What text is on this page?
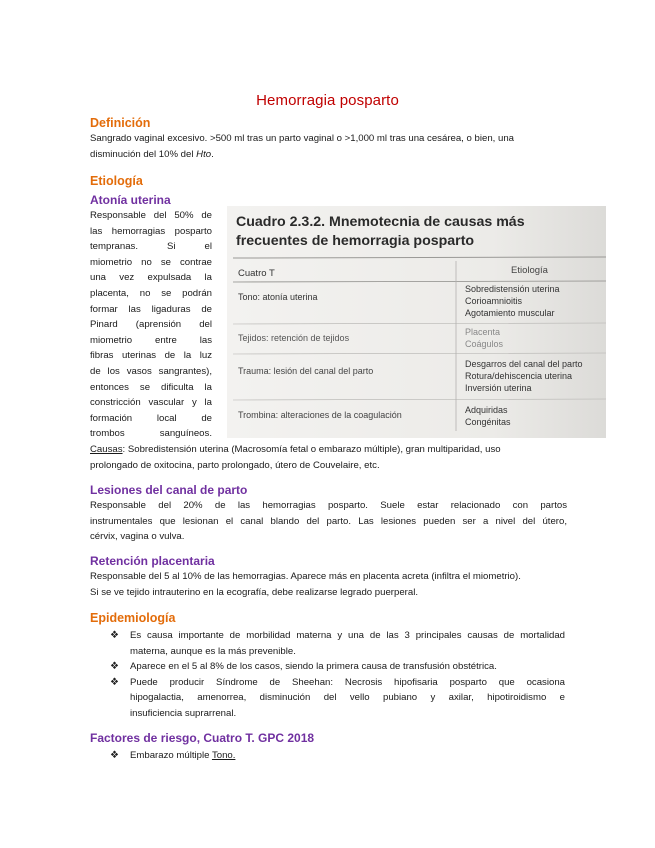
Hemorragia posparto
Definición
Sangrado vaginal excesivo. >500 ml tras un parto vaginal o >1,000 ml tras una cesárea, o bien, una
disminución del 10% del Hto.
Etiología
Atonía uterina
Responsable del 50% de
las hemorragias posparto
tempranas. Si el
miometrio no se contrae
una vez expulsada la
placenta, no se podrán
formar las ligaduras de
Pinard (aprensión del
miometrio entre las
fibras uterinas de la luz
de los vasos sangrantes),
entonces se dificulta la
constricción vascular y la
formación local de
trombos sanguíneos.
Cuadro 2.3.2. Mnemotecnia de causas más
frecuentes de hemorragia posparto
Cuatro T	Etiología
Tono: atonía uterina
Sobredistensión uterina
Corioamnioitis
Agotamiento muscular
Tejidos: retención de tejidos
Placenta
Coágulos
Trauma: lesión del canal del parto
Desgarros del canal del parto
Rotura/dehiscencia uterina
Inversión uterina
Trombina: alteraciones de la coagulación	Adquiridas
Congénitas
Causas: Sobredistensión uterina (Macrosomía fetal o embarazo múltiple), gran multiparidad, uso
prolongado de oxitocina, parto prolongado, útero de Couvelaire, etc.
Lesiones del canal de parto
Responsable del 20% de las hemorragias posparto. Suele estar relacionado con partos
instrumentales que lesionan el canal blando del parto. Las lesiones pueden ser a nivel del útero,
cérvix, vagina o vulva.
Retención placentaria
Responsable del 5 al 10% de las hemorragias. Aparece más en placenta acreta (infiltra el miometrio).
Si se ve tejido intrauterino en la ecografía, debe realizarse legrado puerperal.
Epidemiología
❖ Es causa importante de morbilidad materna y una de las 3 principales causas de mortalidad
materna, aunque es la más prevenible.
❖ Aparece en el 5 al 8% de los casos, siendo la primera causa de transfusión obstétrica.
❖ Puede producir Síndrome de Sheehan: Necrosis hipofisaria posparto que ocasiona
hipogalactia, amenorrea, disminución del vello pubiano y axilar, hipotiroidismo e
insuficiencia suprarrenal.
Factores de riesgo, Cuatro T. GPC 2018
❖ Embarazo múltiple Tono.
